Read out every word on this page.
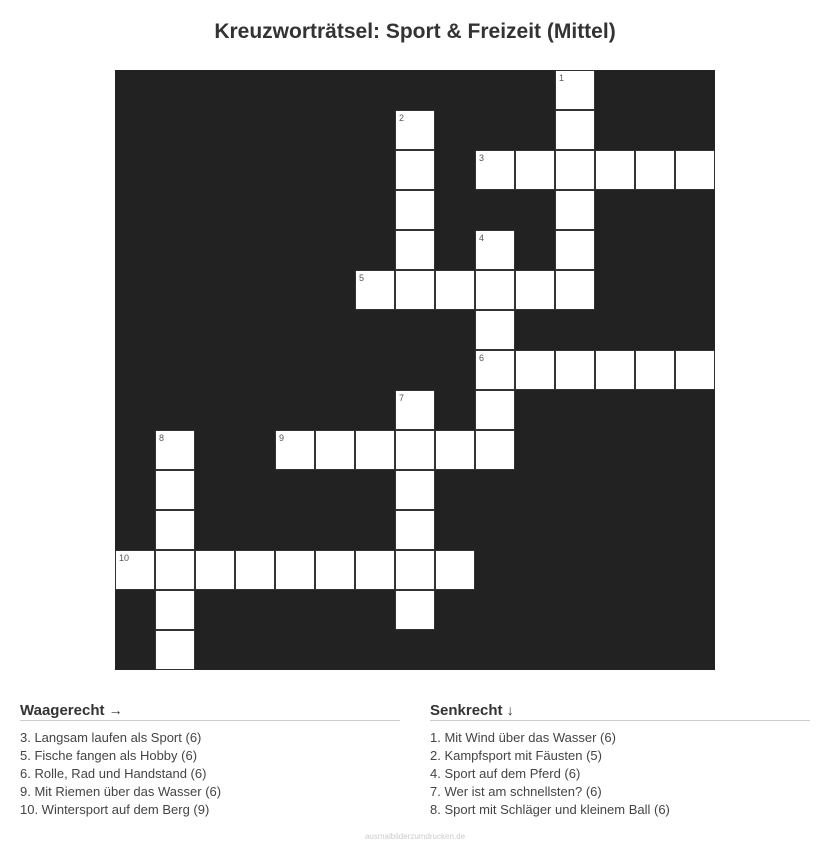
Kreuzworträtsel: Sport & Freizeit (Mittel)
1
2
3
4
5
6
7
8	9
10
Waagerecht →
3. Langsam laufen als Sport (6)
5. Fische fangen als Hobby (6)
6. Rolle, Rad und Handstand (6)
9. Mit Riemen über das Wasser (6)
10. Wintersport auf dem Berg (9)
Senkrecht ↓
1. Mit Wind über das Wasser (6)
2. Kampfsport mit Fäusten (5)
4. Sport auf dem Pferd (6)
7. Wer ist am schnellsten? (6)
8. Sport mit Schläger und kleinem Ball (6)
ausmalbilderzumdrucken.de
